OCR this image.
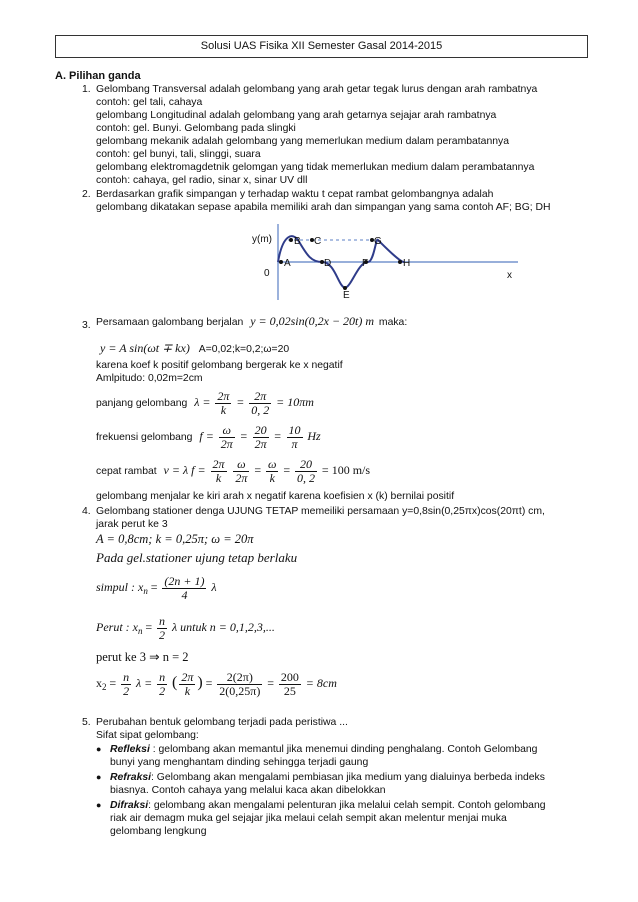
Solusi UAS Fisika XII Semester Gasal 2014-2015
A. Pilihan ganda
1. Gelombang Transversal adalah gelombang yang arah getar tegak lurus dengan arah rambatnya
contoh: gel tali, cahaya
gelombang Longitudinal adalah gelombang yang arah getarnya sejajar arah rambatnya
contoh: gel. Bunyi. Gelombang pada slingki
gelombang mekanik adalah gelombang yang memerlukan medium dalam perambatannya
contoh: gel bunyi, tali, slinggi, suara
gelombang elektromagdetnik gelomgan yang tidak memerlukan medium dalam perambatannya
contoh: cahaya, gel radio, sinar x, sinar UV dll
2. Berdasarkan grafik simpangan y terhadap waktu t cepat rambat gelombangnya adalah
gelombang dikatakan sepase apabila memiliki arah dan simpangan yang sama contoh AF; BG; DH
y(m)
x
0
A
B C
D
E
F
G
H
3. Persamaan galombang berjalan y = 0,02sin(0,2x − 20t) m maka:
y = A sin(ωt ∓ kx) A=0,02;k=0,2;ω=20
karena koef k positif gelombang bergerak ke x negatif
Amlpitudo: 0,02m=2cm
panjang gelombang $\lambda = \frac{2\pi}{k} = \frac{2\pi}{0, 2} = 10\pi m$
frekuensi gelombang $f = \frac{\omega}{2\pi} = \frac{20}{2\pi} = \frac{10}{\pi}$ Hz
cepat rambat v = λ $f = \frac{2\pi}{k}$
$\frac{\omega}{2\pi} = \frac{\omega}{k} = \frac{20}{0, 2} = 100$ m/s
gelombang menjalar ke kiri arah x negatif karena koefisien x (k) bernilai positif
4. Gelombang stationer denga UJUNG TETAP memeiliki persamaan y=0,8sin(0,25πx)cos(20πt) cm,
jarak perut ke 3
A = 0,8cm; k = 0,25π; ω = 20π
Pada gel.stationer ujung tetap berlaku
simpul : $x_n = \frac{(2n + 1)}{4}$ λ
Perut : $x_n = \frac{n}{2}$ λ untuk n = 0,1,2,3,...
perut ke 3 ⇒ n = 2
$x_2 = \frac{n}{2}$ $\lambda = \frac{n}{2}$ ( $\frac{2\pi}{k}$ ) = $\frac{2(2\pi)}{2(0,25\pi)} = \frac{200}{25} = 8cm$
5. Perubahan bentuk gelombang terjadi pada peristiwa ...
Sifat sipat gelombang:
● Refleksi : gelombang akan memantul jika menemui dinding penghalang. Contoh Gelombang
bunyi yang menghantam dinding sehingga terjadi gaung
● Refraksi: Gelombang akan mengalami pembiasan jika medium yang dialuinya berbeda indeks
biasnya. Contoh cahaya yang melalui kaca akan dibelokkan
● Difraksi: gelombang akan mengalami pelenturan jika melalui celah sempit. Contoh gelombang
riak air demagm muka gel sejajar jika melaui celah sempit akan melentur menjai muka
gelombang lengkung
